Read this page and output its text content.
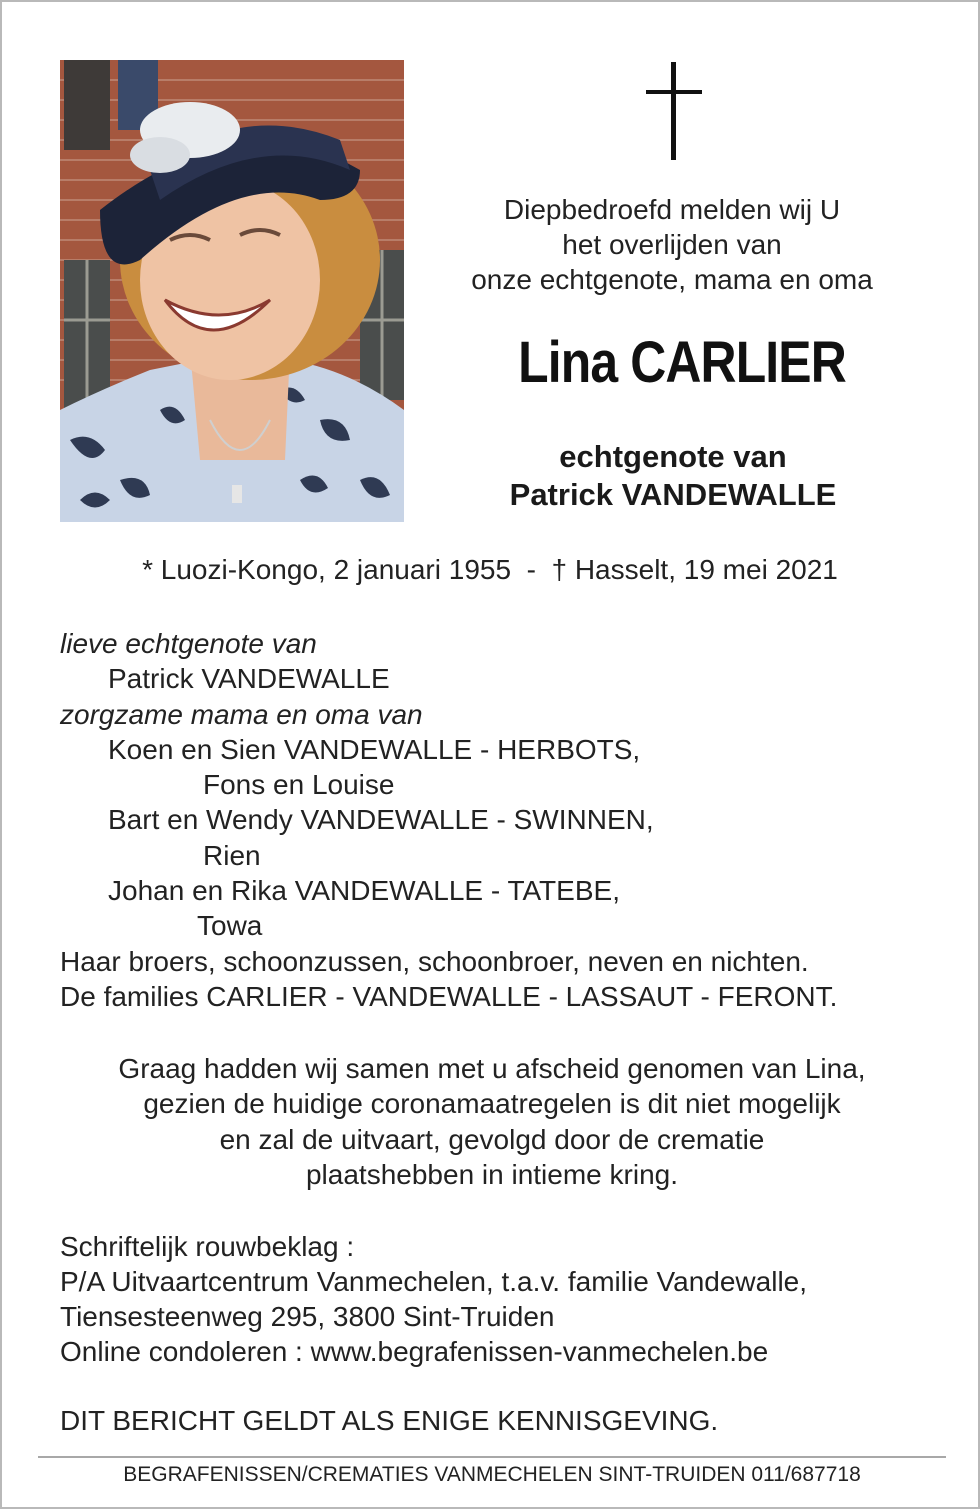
Diepbedroefd melden wij U
het overlijden van
onze echtgenote, mama en oma
Lina CARLIER
echtgenote van
Patrick VANDEWALLE
* Luozi-Kongo, 2 januari 1955  -  † Hasselt, 19 mei 2021
lieve echtgenote van
Patrick VANDEWALLE
zorgzame mama en oma van
Koen en Sien VANDEWALLE - HERBOTS,
Fons en Louise
Bart en Wendy VANDEWALLE - SWINNEN,
Rien
Johan en Rika VANDEWALLE - TATEBE,
Towa
Haar broers, schoonzussen, schoonbroer, neven en nichten.
De families CARLIER - VANDEWALLE - LASSAUT - FERONT.
Graag hadden wij samen met u afscheid genomen van Lina,
gezien de huidige coronamaatregelen is dit niet mogelijk
en zal de uitvaart, gevolgd door de crematie
plaatshebben in intieme kring.
Schriftelijk rouwbeklag :
P/A Uitvaartcentrum Vanmechelen, t.a.v. familie Vandewalle,
Tiensesteenweg 295, 3800 Sint-Truiden
Online condoleren : www.begrafenissen-vanmechelen.be
DIT BERICHT GELDT ALS ENIGE KENNISGEVING.
BEGRAFENISSEN/CREMATIES VANMECHELEN SINT-TRUIDEN 011/687718
